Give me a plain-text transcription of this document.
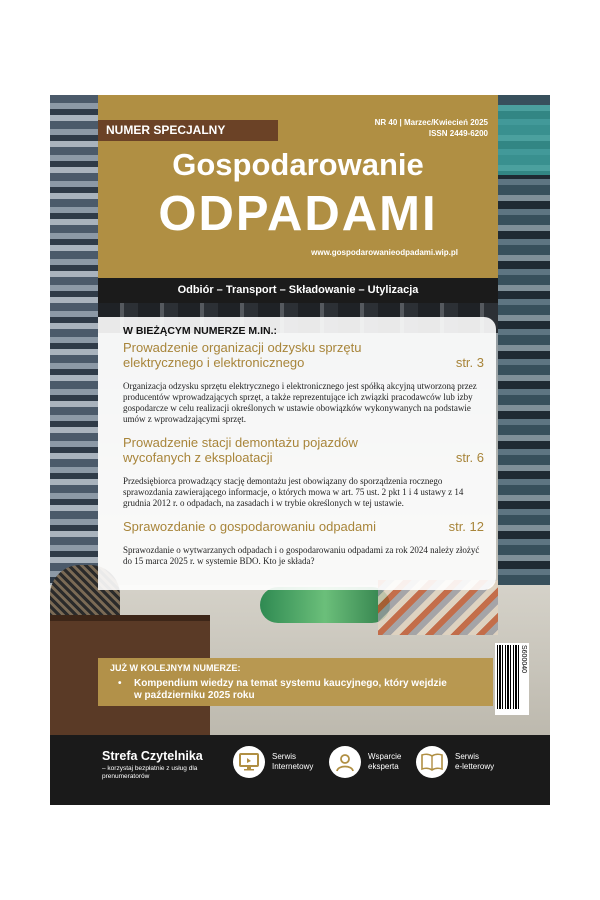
NUMER SPECJALNY
NR 40 | Marzec/Kwiecień 2025
ISSN 2449-6200
Gospodarowanie
ODPADAMI
www.gospodarowanieodpadami.wip.pl
Odbiór – Transport – Składowanie – Utylizacja
W BIEŻĄCYM NUMERZE M.IN.:
Prowadzenie organizacji odzysku sprzętu elektrycznego i elektronicznego	str. 3
Organizacja odzysku sprzętu elektrycznego i elektronicznego jest spółką akcyjną utworzoną przez producentów wprowadzających sprzęt, a także reprezentujące ich związki pracodawców lub izby gospodarcze w celu realizacji określonych w ustawie obowiązków wykonywanych na podstawie umów z wprowadzającymi sprzęt.
Prowadzenie stacji demontażu pojazdów wycofanych z eksploatacji	str. 6
Przedsiębiorca prowadzący stację demontażu jest obowiązany do sporządzenia rocznego sprawozdania zawierającego informacje, o których mowa w art. 75 ust. 2 pkt 1 i 4 ustawy z 14 grudnia 2012 r. o odpadach, na zasadach i w trybie określonych w tej ustawie.
Sprawozdanie o gospodarowaniu odpadami	str. 12
Sprawozdanie o wytwarzanych odpadach i o gospodarowaniu odpadami za rok 2024 należy złożyć do 15 marca 2025 r. w systemie BDO. Kto je składa?
JUŻ W KOLEJNYM NUMERZE:
•	Kompendium wiedzy na temat systemu kaucyjnego, który wejdzie w październiku 2025 roku
S600040
Strefa Czytelnika
– korzystaj bezpłatnie z usług dla prenumeratorów
Serwis
Internetowy
Wsparcie
eksperta
Serwis
e-letterowy
